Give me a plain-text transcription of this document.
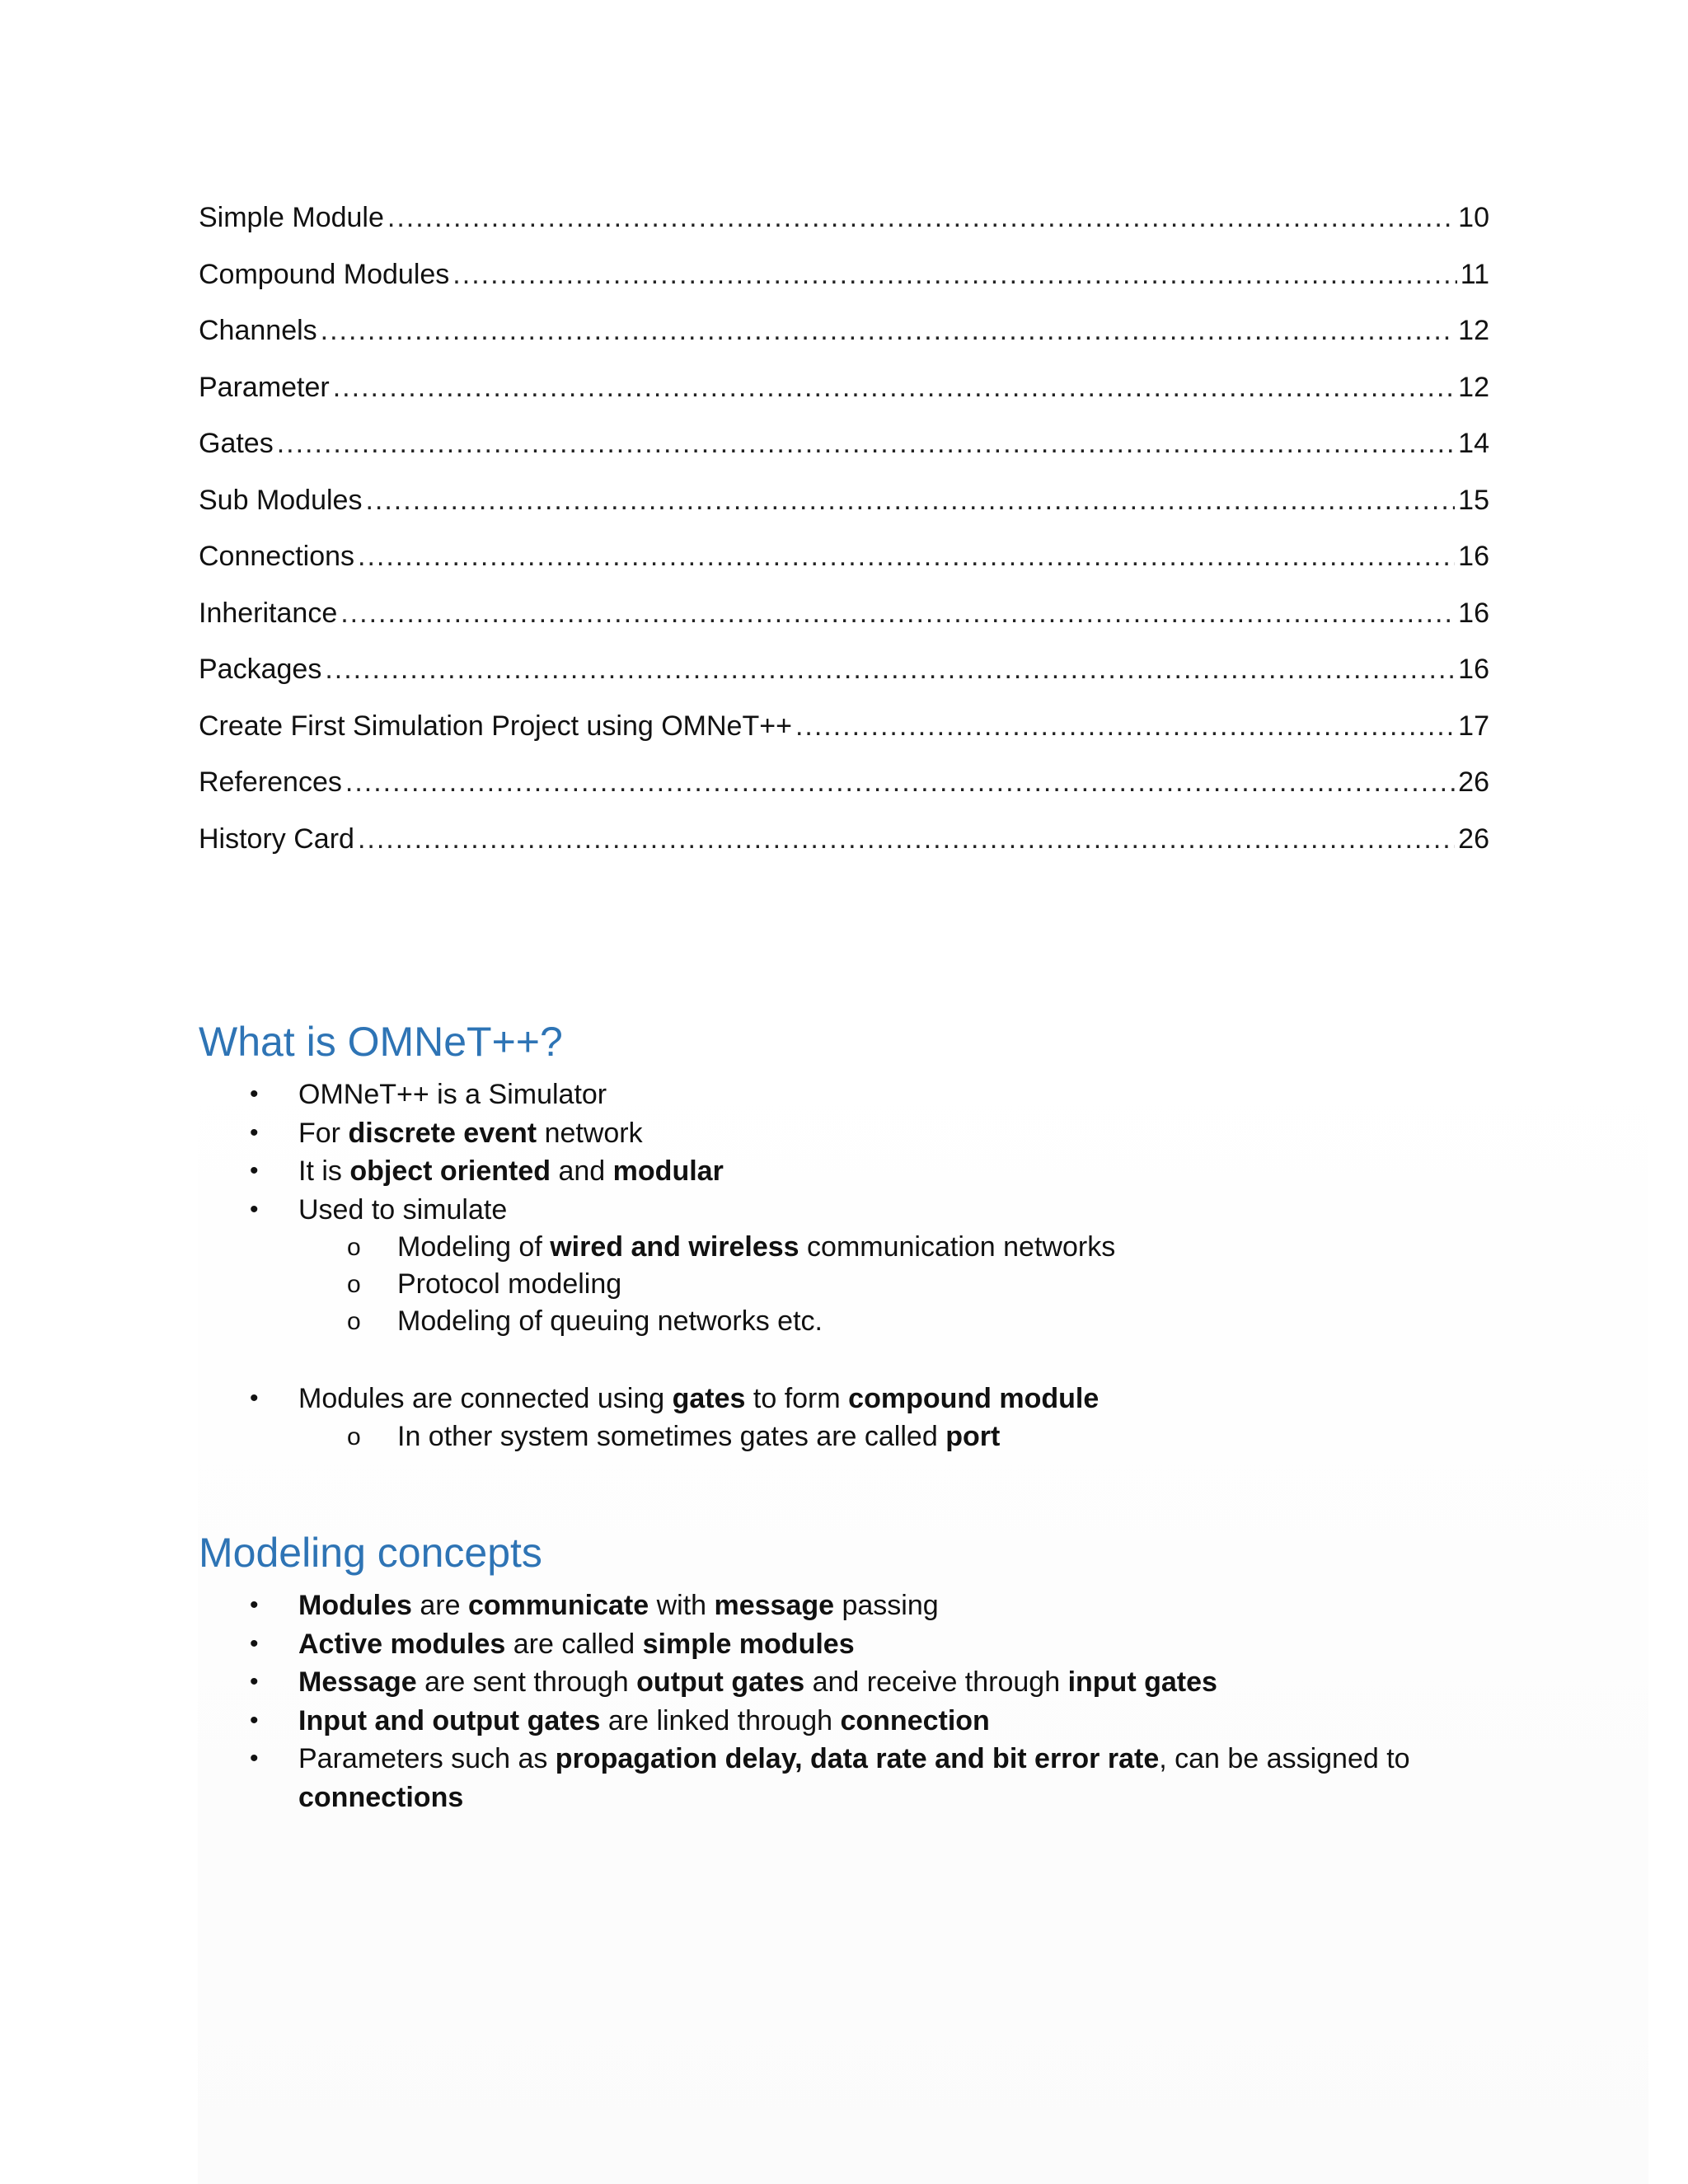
Simple Module .....	10
Compound Modules .....	11
Channels .....	12
Parameter .....	12
Gates .....	14
Sub Modules .....	15
Connections .....	16
Inheritance .....	16
Packages .....	16
Create First Simulation Project using OMNeT++ .....	17
References .....	26
History Card .....	26
What is OMNeT++?
• OMNeT++ is a Simulator
• For discrete event network
• It is object oriented and modular
• Used to simulate
o Modeling of wired and wireless communication networks
o Protocol modeling
o Modeling of queuing networks etc.
• Modules are connected using gates to form compound module
o In other system sometimes gates are called port
Modeling concepts
• Modules are communicate with message passing
• Active modules are called simple modules
• Message are sent through output gates and receive through input gates
• Input and output gates are linked through connection
• Parameters such as propagation delay, data rate and bit error rate, can be assigned to
connections
